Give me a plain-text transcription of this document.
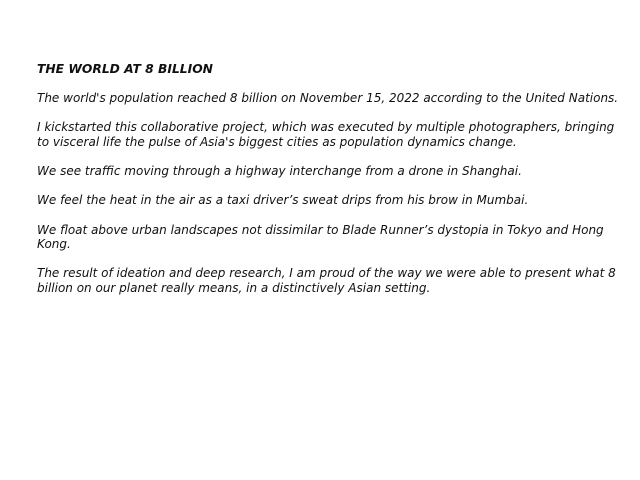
THE WORLD AT 8 BILLION

The world's population reached 8 billion on November 15, 2022 according to the United Nations.

I kickstarted this collaborative project, which was executed by multiple photographers, bringing
to visceral life the pulse of Asia's biggest cities as population dynamics change.

We see traffic moving through a highway interchange from a drone in Shanghai.

We feel the heat in the air as a taxi driver’s sweat drips from his brow in Mumbai.

We float above urban landscapes not dissimilar to Blade Runner’s dystopia in Tokyo and Hong
Kong.

The result of ideation and deep research, I am proud of the way we were able to present what 8
billion on our planet really means, in a distinctively Asian setting.
